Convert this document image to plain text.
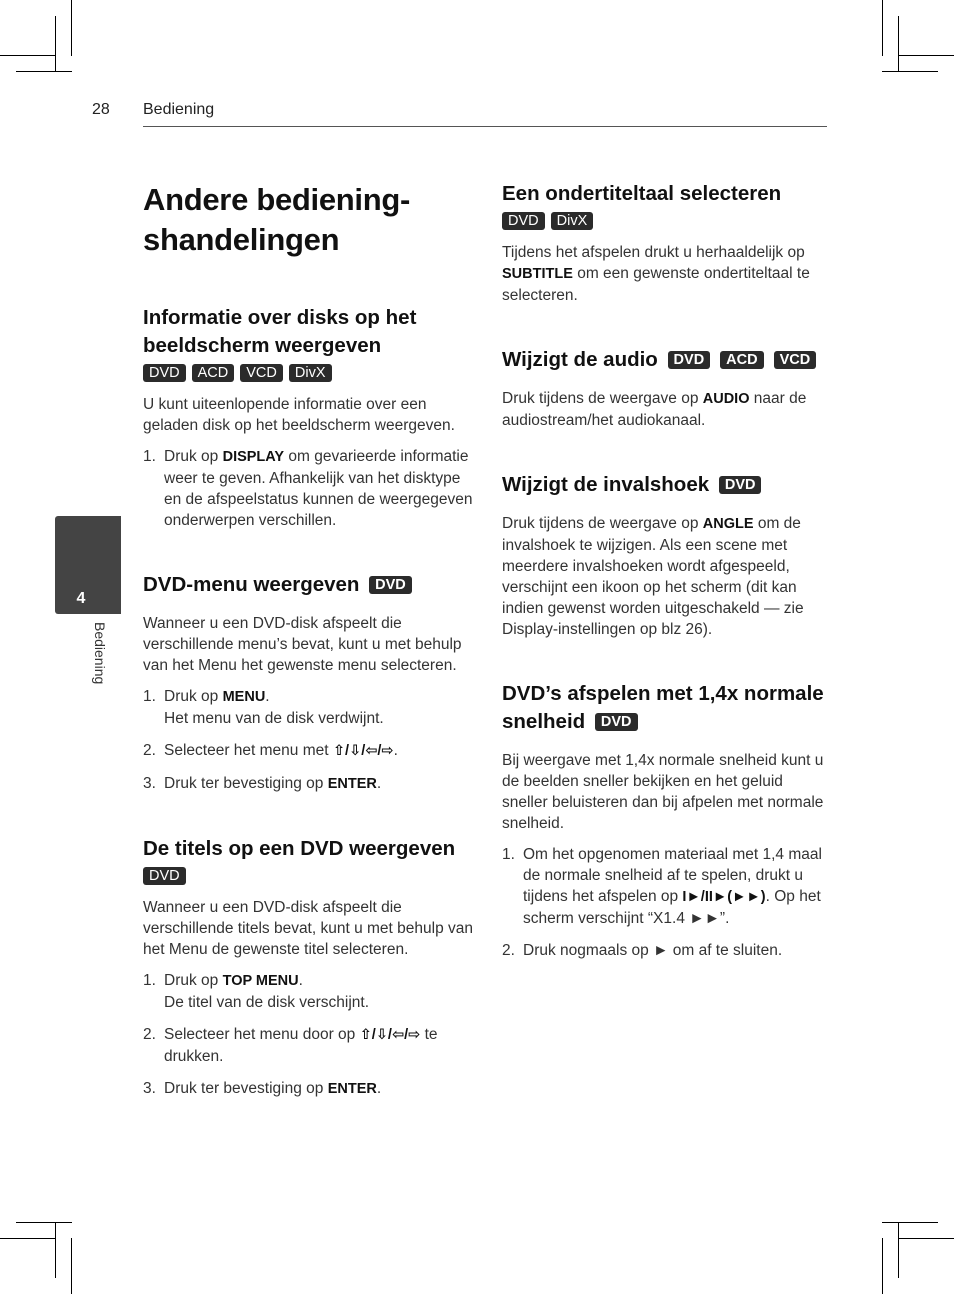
28 Bediening
4
Bediening
Andere bediening-shandelingen
Informatie over disks op het beeldscherm weergeven
DVD ACD VCD DivX

U kunt uiteenlopende informatie over een geladen disk op het beeldscherm weergeven.

1. Druk op DISPLAY om gevarieerde informatie weer te geven. Afhankelijk van het disktype en de afspeelstatus kunnen de weergegeven onderwerpen verschillen.
DVD-menu weergeven DVD

Wanneer u een DVD-disk afspeelt die verschillende menu’s bevat, kunt u met behulp van het Menu het gewenste menu selecteren.

1. Druk op MENU.
Het menu van de disk verdwijnt.
2. Selecteer het menu met ⇧/⇩/⇦/⇨.
3. Druk ter bevestiging op ENTER.
De titels op een DVD weergeven
DVD

Wanneer u een DVD-disk afspeelt die verschillende titels bevat, kunt u met behulp van het Menu de gewenste titel selecteren.

1. Druk op TOP MENU.
De titel van de disk verschijnt.
2. Selecteer het menu door op ⇧/⇩/⇦/⇨ te drukken.
3. Druk ter bevestiging op ENTER.
Een ondertiteltaal selecteren
DVD DivX

Tijdens het afspelen drukt u herhaaldelijk op SUBTITLE om een gewenste ondertiteltaal te selecteren.

Wijzigt de audio DVD ACD VCD

Druk tijdens de weergave op AUDIO naar de audiostream/het audiokanaal.

Wijzigt de invalshoek DVD

Druk tijdens de weergave op ANGLE om de invalshoek te wijzigen. Als een scene met meerdere invalshoeken wordt afgespeeld, verschijnt een ikoon op het scherm (dit kan indien gewenst worden uitgeschakeld — zie Display-instellingen op blz 26).

DVD’s afspelen met 1,4x normale snelheid DVD

Bij weergave met 1,4x normale snelheid kunt u de beelden sneller bekijken en het geluid sneller beluisteren dan bij afpelen met normale snelheid.

1. Om het opgenomen materiaal met 1,4 maal de normale snelheid af te spelen, drukt u tijdens het afspelen op I►/II►(►►). Op het scherm verschijnt “X1.4 ►►”.
2. Druk nogmaals op ► om af te sluiten.
